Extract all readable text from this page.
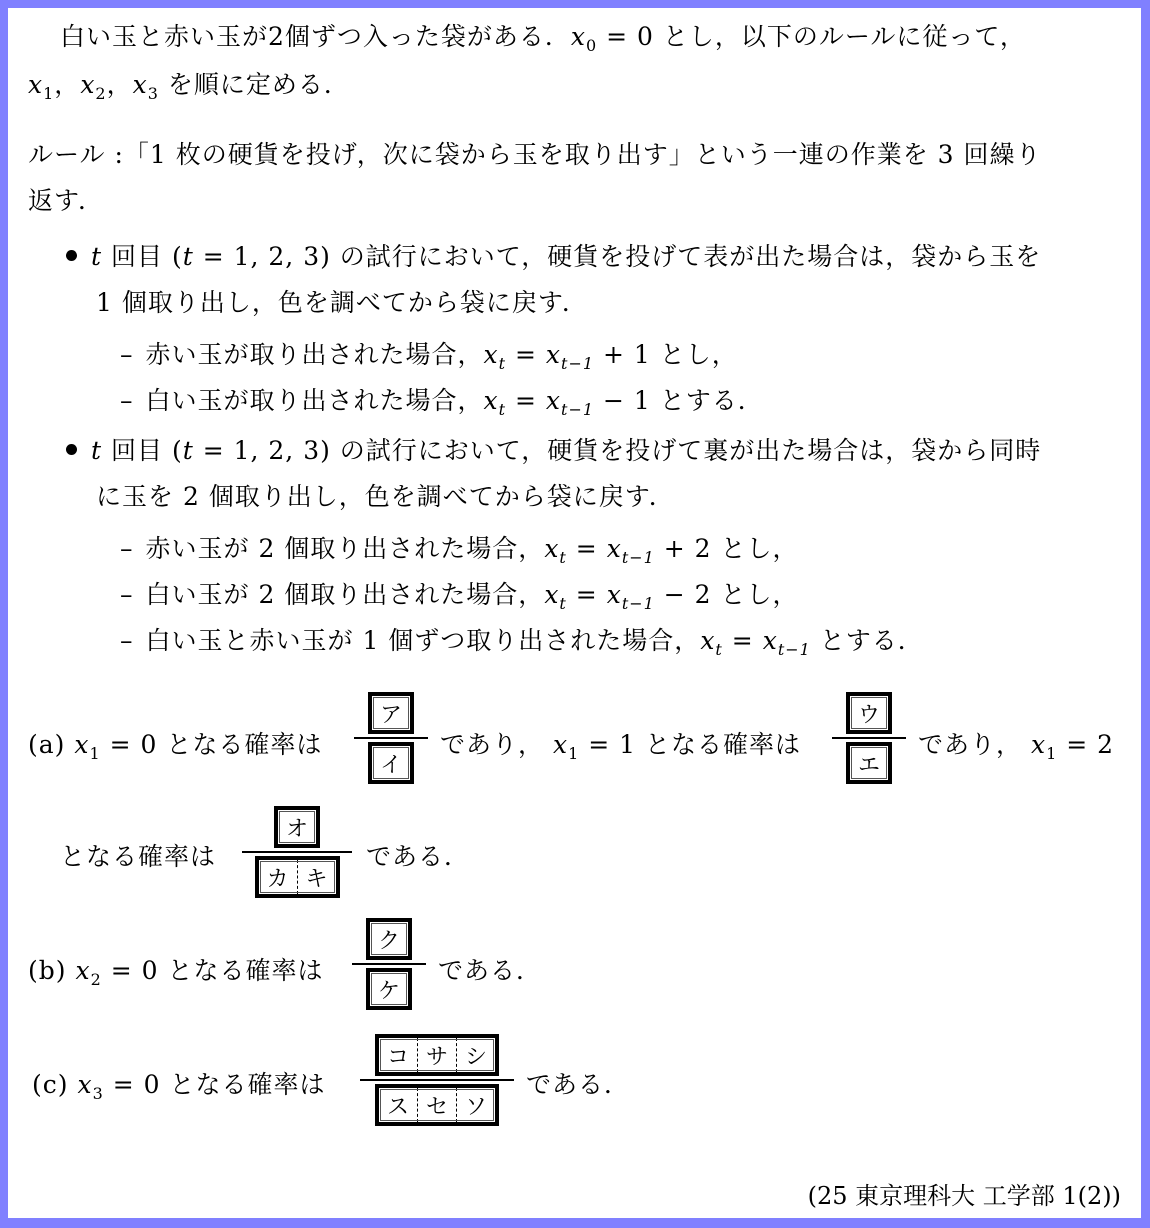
白い玉と赤い玉が2個ずつ入った袋がある．$x_0 = 0$ とし，以下のルールに従って，
$x_1$，$x_2$，$x_3$ を順に定める．
ルール :「1 枚の硬貨を投げ，次に袋から玉を取り出す」という一連の作業を 3 回繰り
返す．
t 回目 (t = 1, 2, 3) の試行において，硬貨を投げて表が出た場合は，袋から玉を
1 個取り出し，色を調べてから袋に戻す．
– 赤い玉が取り出された場合，$x_t = x_{t-1} + 1$ とし，
– 白い玉が取り出された場合，$x_t = x_{t-1} - 1$ とする．
t 回目 (t = 1, 2, 3) の試行において，硬貨を投げて裏が出た場合は，袋から同時
に玉を 2 個取り出し，色を調べてから袋に戻す．
– 赤い玉が 2 個取り出された場合，$x_t = x_{t-1} + 2$ とし，
– 白い玉が 2 個取り出された場合，$x_t = x_{t-1} - 2$ とし，
– 白い玉と赤い玉が 1 個ずつ取り出された場合，$x_t = x_{t-1}$ とする．
(a) $x_1 = 0$ となる確率は
ア
イ
であり， $x_1 = 1$ となる確率は
ウ
エ
であり， $x_1 = 2$
となる確率は
オ
カ キ
である．
(b) $x_2 = 0$ となる確率は
ク
ケ
である．
(c) $x_3 = 0$ となる確率は
コ サ シ
ス セ ソ
である．
(25 東京理科大 工学部 1(2))
